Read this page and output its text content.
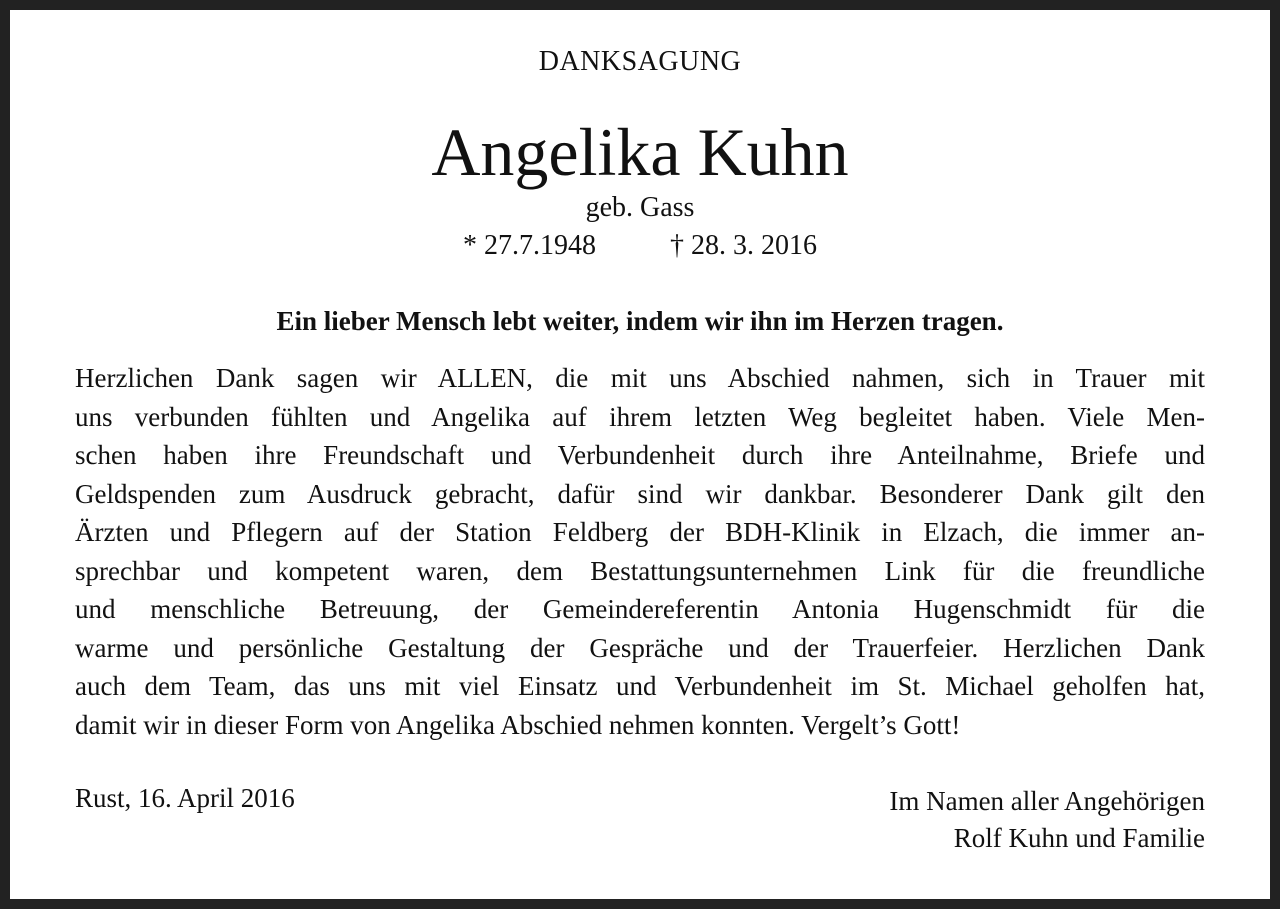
DANKSAGUNG
Angelika Kuhn
geb. Gass
* 27.7.1948	† 28. 3. 2016
Ein lieber Mensch lebt weiter, indem wir ihn im Herzen tragen.
Herzlichen Dank sagen wir ALLEN, die mit uns Abschied nahmen, sich in Trauer mit
uns verbunden fühlten und Angelika auf ihrem letzten Weg begleitet haben. Viele Men-
schen haben ihre Freundschaft und Verbundenheit durch ihre Anteilnahme, Briefe und
Geldspenden zum Ausdruck gebracht, dafür sind wir dankbar. Besonderer Dank gilt den
Ärzten und Pflegern auf der Station Feldberg der BDH-Klinik in Elzach, die immer an-
sprechbar und kompetent waren, dem Bestattungsunternehmen Link für die freundliche
und menschliche Betreuung, der Gemeindereferentin Antonia Hugenschmidt für die
warme und persönliche Gestaltung der Gespräche und der Trauerfeier. Herzlichen Dank
auch dem Team, das uns mit viel Einsatz und Verbundenheit im St. Michael geholfen hat,
damit wir in dieser Form von Angelika Abschied nehmen konnten. Vergelt’s Gott!
Rust, 16. April 2016	Im Namen aller Angehörigen
Rolf Kuhn und Familie
